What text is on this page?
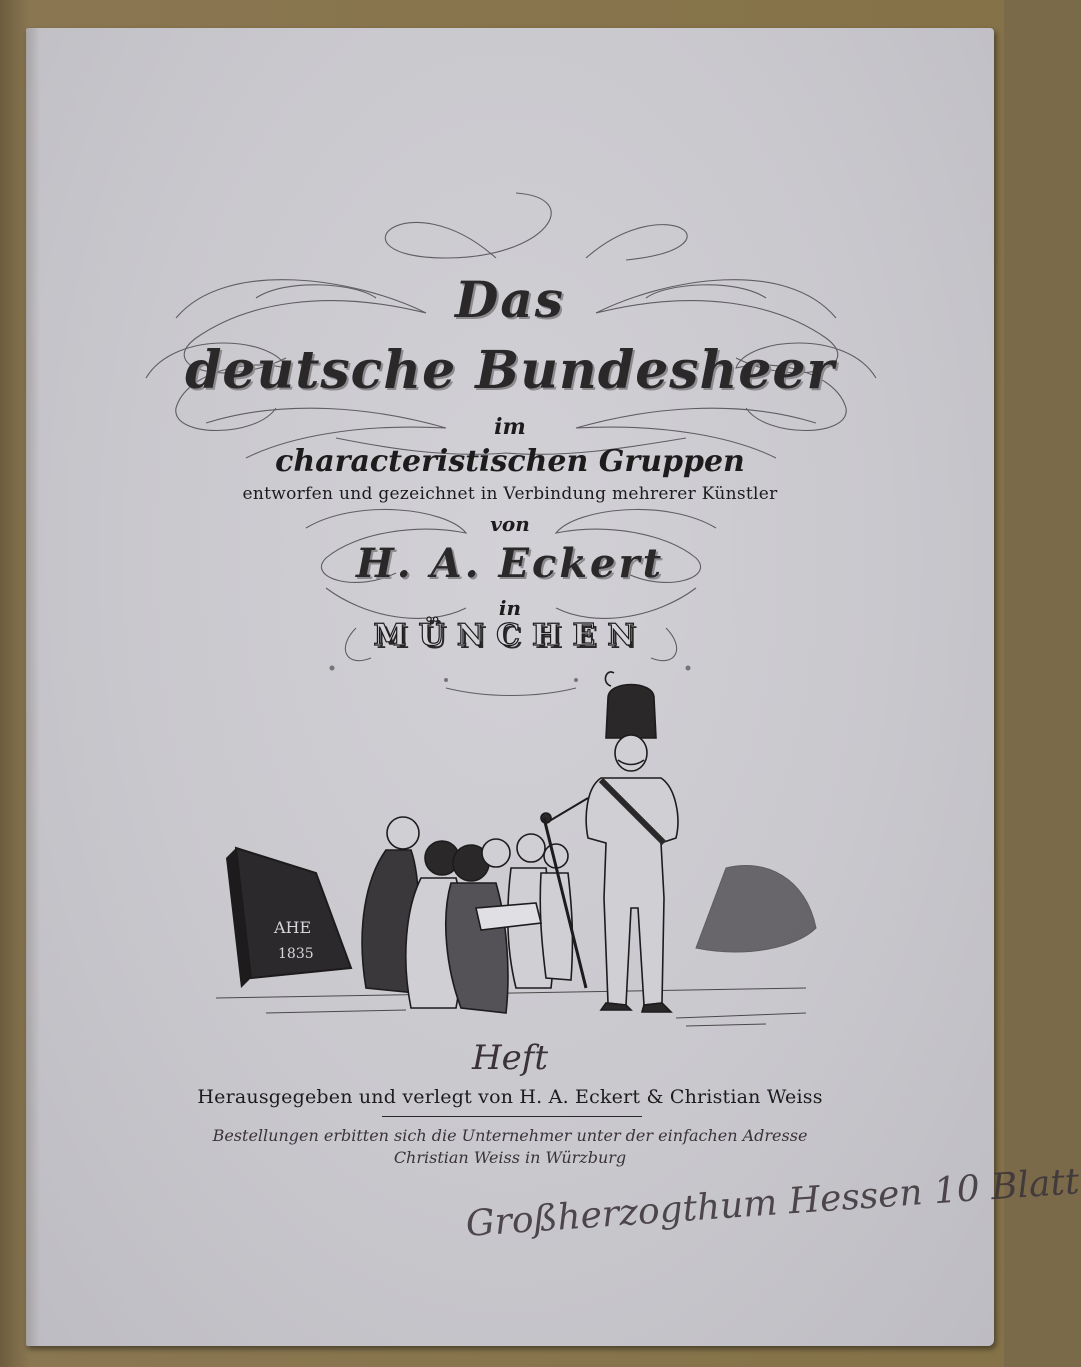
Das
deutsche Bundesheer
im
characteristischen Gruppen
entworfen und gezeichnet in Verbindung mehrerer Künstler
von
H. A. Eckert
in
MÜNCHEN
AHE
1835
Heft
Herausgegeben und verlegt von H. A. Eckert & Christian Weiss
Bestellungen erbitten sich die Unternehmer unter der einfachen Adresse
Christian Weiss in Würzburg
Großherzogthum Hessen 10 Blatt
